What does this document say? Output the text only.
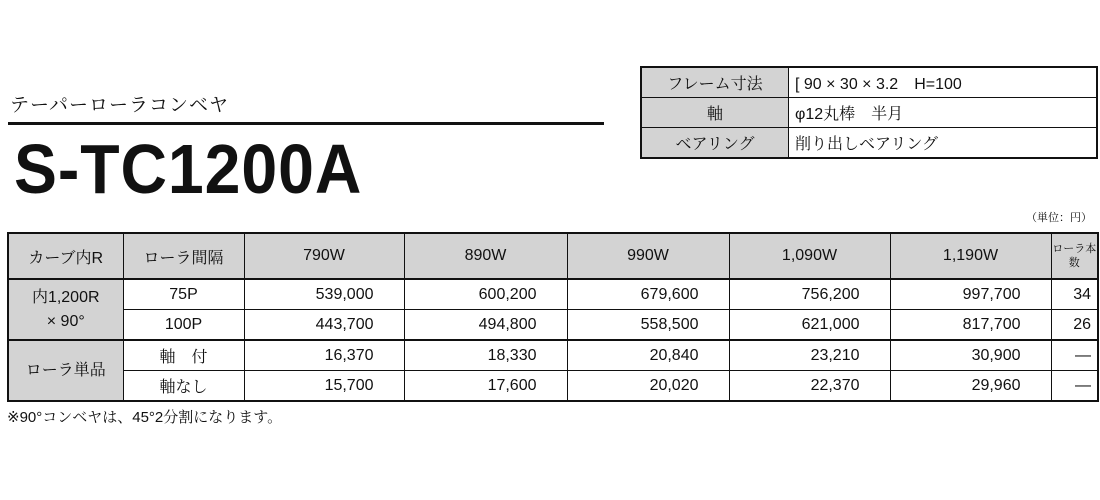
テーパーローラコンベヤ
S-TC1200A
フレーム寸法	[ 90 × 30 × 3.2　H=100
軸	φ12丸棒　半月
ベアリング	削り出しベアリング
（単位：円）
カーブ内R	ローラ間隔	790W	890W	990W	1,090W	1,190W	ローラ本数
内1,200R
× 90°	75P	539,000	600,200	679,600	756,200	997,700	34
	100P	443,700	494,800	558,500	621,000	817,700	26
ローラ単品	軸　付	16,370	18,330	20,840	23,210	30,900	—
	軸なし	15,700	17,600	20,020	22,370	29,960	—
※90°コンベヤは、45°2分割になります。
